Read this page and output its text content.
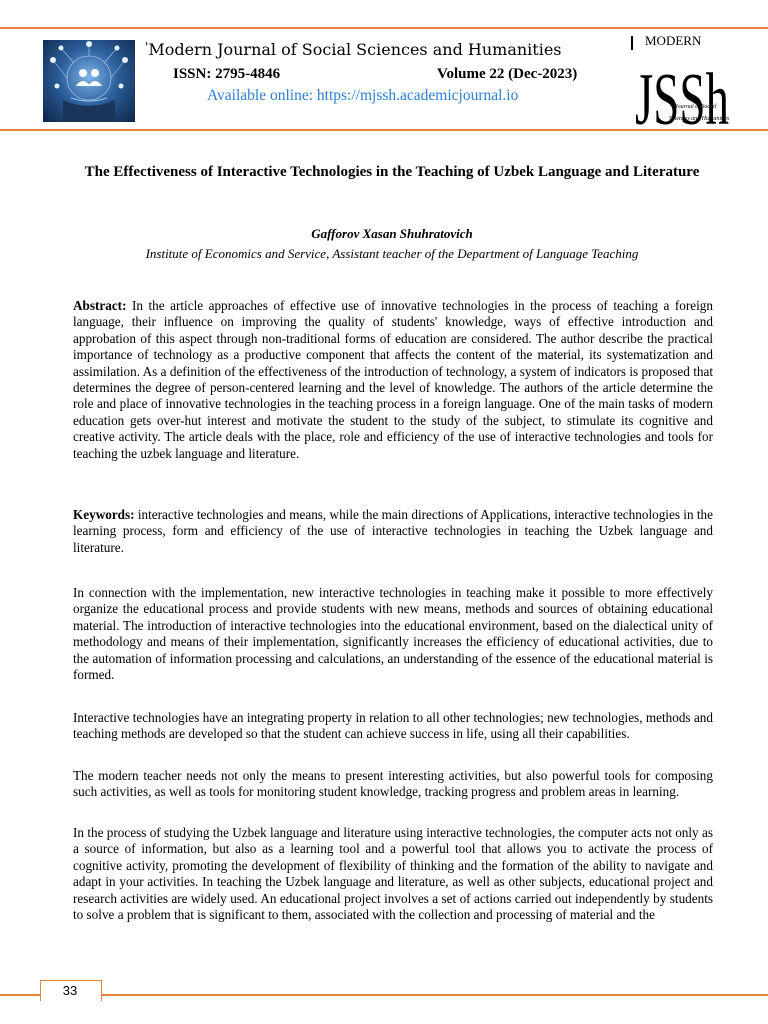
'Modern Journal of Social Sciences and Humanities
ISSN: 2795-4846	Volume 22 (Dec-2023)
Available online: https://mjssh.academicjournal.io
MODERN
JSSh
Journal of Social
Sciences and Humanities
The Effectiveness of Interactive Technologies in the Teaching of Uzbek Language and Literature
Gafforov Xasan Shuhratovich
Institute of Economics and Service, Assistant teacher of the Department of Language Teaching
Abstract: In the article approaches of effective use of innovative technologies in the process of teaching a foreign language, their influence on improving the quality of students' knowledge, ways of effective introduction and approbation of this aspect through non-traditional forms of education are considered. The author describe the practical importance of technology as a productive component that affects the content of the material, its systematization and assimilation. As a definition of the effectiveness of the introduction of technology, a system of indicators is proposed that determines the degree of person-centered learning and the level of knowledge. The authors of the article determine the role and place of innovative technologies in the teaching process in a foreign language. One of the main tasks of modern education gets over-hut interest and motivate the student to the study of the subject, to stimulate its cognitive and creative activity. The article deals with the place, role and efficiency of the use of interactive technologies and tools for teaching the uzbek language and literature.
Keywords: interactive technologies and means, while the main directions of Applications, interactive technologies in the learning process, form and efficiency of the use of interactive technologies in teaching the Uzbek language and literature.
In connection with the implementation, new interactive technologies in teaching make it possible to more effectively organize the educational process and provide students with new means, methods and sources of obtaining educational material. The introduction of interactive technologies into the educational environment, based on the dialectical unity of methodology and means of their implementation, significantly increases the efficiency of educational activities, due to the automation of information processing and calculations, an understanding of the essence of the educational material is formed.
Interactive technologies have an integrating property in relation to all other technologies; new technologies, methods and teaching methods are developed so that the student can achieve success in life, using all their capabilities.
The modern teacher needs not only the means to present interesting activities, but also powerful tools for composing such activities, as well as tools for monitoring student knowledge, tracking progress and problem areas in learning.
In the process of studying the Uzbek language and literature using interactive technologies, the computer acts not only as a source of information, but also as a learning tool and a powerful tool that allows you to activate the process of cognitive activity, promoting the development of flexibility of thinking and the formation of the ability to navigate and adapt in your activities. In teaching the Uzbek language and literature, as well as other subjects, educational project and research activities are widely used. An educational project involves a set of actions carried out independently by students to solve a problem that is significant to them, associated with the collection and processing of material and the
33
